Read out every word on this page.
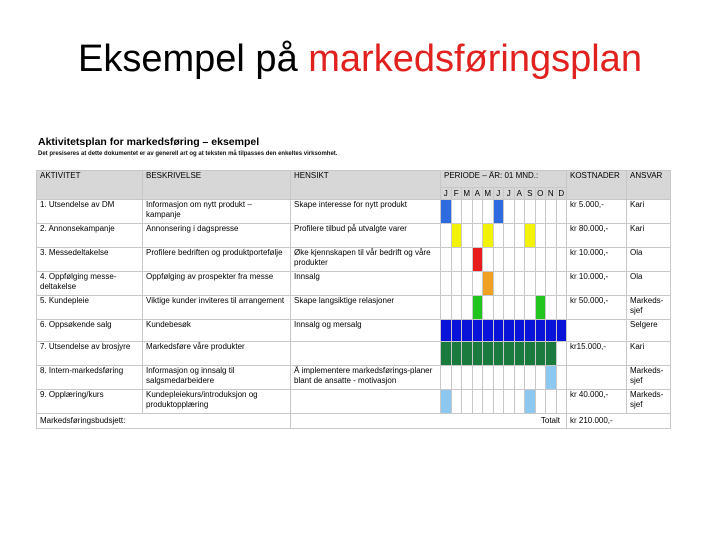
Eksempel på markedsføringsplan
Aktivitetsplan for markedsføring – eksempel
Det presiseres at dette dokumentet er av generell art og at teksten må tilpasses den enkeltes virksomhet.
AKTIVITET	BESKRIVELSE	HENSIKT	PERIODE – ÅR: 01 MND.:												KOSTNADER	ANSVAR
			J	F	M	A	M	J	J	A	S	O	N	D		
1. Utsendelse av DM	Informasjon om nytt produkt – kampanje	Skape interesse for nytt produkt													kr 5.000,-	Kari
2. Annonsekampanje	Annonsering i dagspresse	Profilere tilbud på utvalgte varer													kr 80.000,-	Kari
3. Messedeltakelse	Profilere bedriften og produktportefølje	Øke kjennskapen til vår bedrift og våre produkter													kr 10.000,-	Ola
4. Oppfølging messe-deltakelse	Oppfølging av prospekter fra messe	Innsalg													kr 10.000,-	Ola
5. Kundepleie	Viktige kunder inviteres til arrangement	Skape langsiktige relasjoner													kr 50.000,-	Markeds-sjef
6. Oppsøkende salg	Kundebesøk	Innsalg og mersalg														Selgere
7. Utsendelse av brosjyre	Markedsføre våre produkter														kr15.000,-	Kari
8. Intern-markedsføring	Informasjon og innsalg til salgsmedarbeidere	Å implementere markedsførings-planer blant de ansatte - motivasjon														Markeds-sjef
9. Opplæring/kurs	Kundepleiekurs/introduksjon og produktopplæring														kr 40.000,-	Markeds-sjef
Markedsføringsbudsjett:		Totalt													kr 210.000,-	
